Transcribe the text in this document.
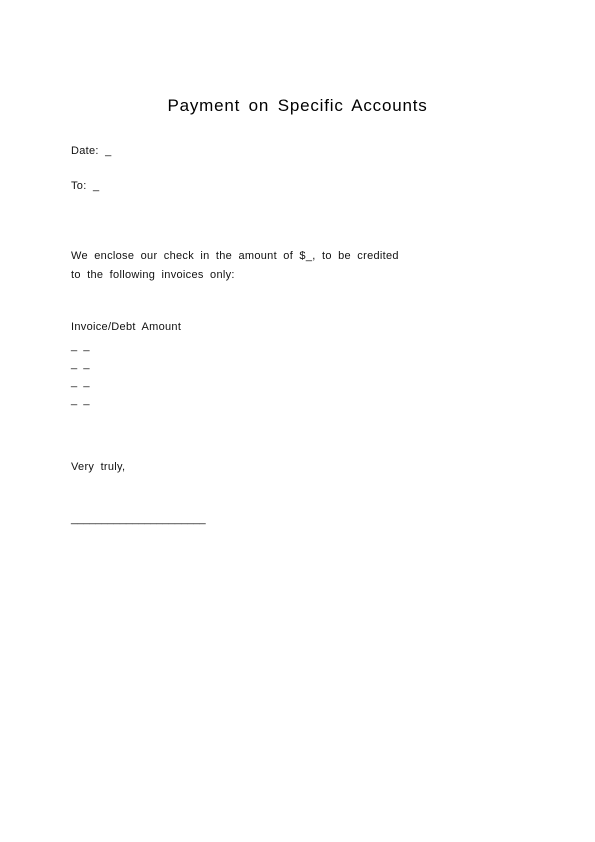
Payment on Specific Accounts
Date: _
To: _
We enclose our check in the amount of $_, to be credited
to the following invoices only:
Invoice/Debt Amount
_ _
_ _
_ _
_ _
Very truly,
______________________
